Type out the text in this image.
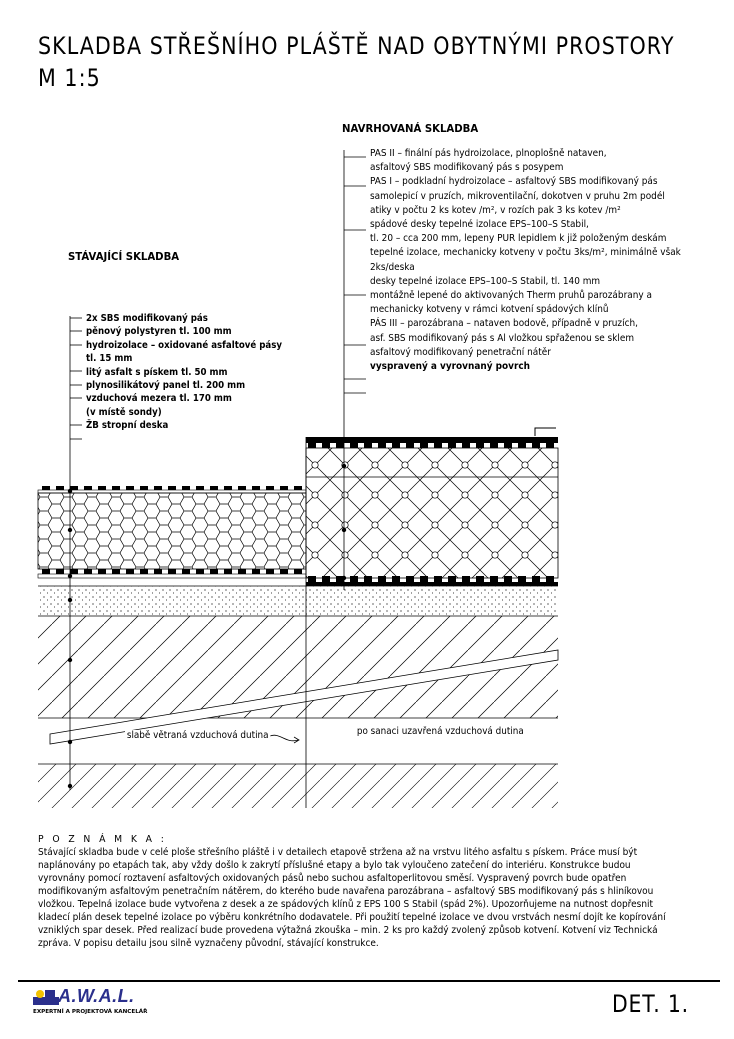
SKLADBA STŘEŠNÍHO PLÁŠTĚ NAD OBYTNÝMI PROSTORY
M 1:5
NAVRHOVANÁ SKLADBA
STÁVAJÍCÍ SKLADBA
PAS II – finální pás hydroizolace, plnoplošně nataven,
asfaltový SBS modifikovaný pás s posypem
PAS I – podkladní hydroizolace – asfaltový SBS modifikovaný pás
samolepicí v pruzích, mikroventilační, dokotven v pruhu 2m podél
atiky v počtu 2 ks kotev /m², v rozích pak 3 ks kotev /m²
spádové desky tepelné izolace EPS–100–S Stabil,
tl. 20 – cca 200 mm, lepeny PUR lepidlem k již položeným deskám
tepelné izolace, mechanicky kotveny v počtu 3ks/m², minimálně však
2ks/deska
desky tepelné izolace EPS–100–S Stabil, tl. 140 mm
montážně lepené do aktivovaných Therm pruhů parozábrany a
mechanicky kotveny v rámci kotvení spádových klínů
PÁS III – parozábrana – nataven bodově, případně v pruzích,
asf. SBS modifikovaný pás s Al vložkou spřaženou se sklem
asfaltový modifikovaný penetrační nátěr
vyspravený a vyrovnaný povrch
2x SBS modifikovaný pás
pěnový polystyren tl. 100 mm
hydroizolace – oxidované asfaltové pásy
tl. 15 mm
litý asfalt s pískem tl. 50 mm
plynosilikátový panel tl. 200 mm
vzduchová mezera tl. 170 mm
(v místě sondy)
ŽB stropní deska
slabě větraná vzduchová dutina	po sanaci uzavřená vzduchová dutina
P O Z N Á M K A :
Stávající skladba bude v celé ploše střešního pláště i v detailech etapově stržena až na vrstvu litého asfaltu s pískem. Práce musí být naplánovány po etapách tak, aby vždy došlo k zakrytí příslušné etapy a bylo tak vyloučeno zatečení do interiéru. Konstrukce budou vyrovnány pomocí roztavení asfaltových oxidovaných pásů nebo suchou asfaltoperlitovou směsí. Vyspravený povrch bude opatřen modifikovaným asfaltovým penetračním nátěrem, do kterého bude navařena parozábrana – asfaltový SBS modifikovaný pás s hliníkovou vložkou. Tepelná izolace bude vytvořena z desek a ze spádových klínů z EPS 100 S Stabil (spád 2%). Upozorňujeme na nutnost dopřesnit kladecí plán desek tepelné izolace po výběru konkrétního dodavatele. Při použití tepelné izolace ve dvou vrstvách nesmí dojít ke kopírování vzniklých spar desek. Před realizací bude provedena výtažná zkouška – min. 2 ks pro každý zvolený způsob kotvení. Kotvení viz Technická zpráva. V popisu detailu jsou silně vyznačeny původní, stávající konstrukce.
A.W.A.L.
EXPERTNÍ A PROJEKTOVÁ KANCELÁŘ	DET. 1.
